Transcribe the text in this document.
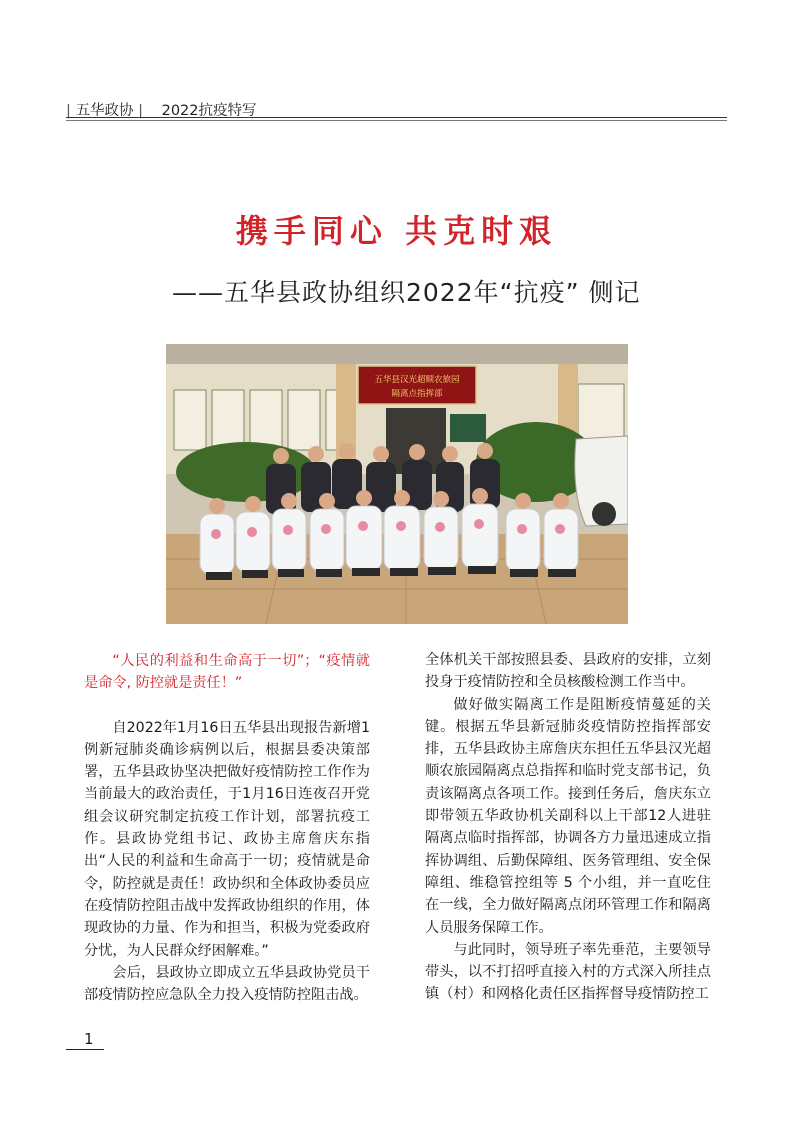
| 五华政协 | 2022抗疫特写
携手同心 共克时艰
——五华县政协组织2022年“抗疫” 侧记
五华县汉光超顺农旅园
隔离点指挥部

“人民的利益和生命高于一切”；“疫情就是命令, 防控就是责任！”

自2022年1月16日五华县出现报告新增1例新冠肺炎确诊病例以后，根据县委决策部署，五华县政协坚决把做好疫情防控工作作为当前最大的政治责任，于1月16日连夜召开党组会议研究制定抗疫工作计划，部署抗疫工作。县政协党组书记、政协主席詹庆东指出“人民的利益和生命高于一切；疫情就是命令，防控就是责任！政协织和全体政协委员应在疫情防控阻击战中发挥政协组织的作用，体现政协的力量、作为和担当，积极为党委政府分忧，为人民群众纾困解难。”

会后，县政协立即成立五华县政协党员干部疫情防控应急队全力投入疫情防控阻击战。

全体机关干部按照县委、县政府的安排，立刻投身于疫情防控和全员核酸检测工作当中。

做好做实隔离工作是阻断疫情蔓延的关键。根据五华县新冠肺炎疫情防控指挥部安排，五华县政协主席詹庆东担任五华县汉光超顺农旅园隔离点总指挥和临时党支部书记，负责该隔离点各项工作。接到任务后，詹庆东立即带领五华政协机关副科以上干部12人进驻隔离点临时指挥部，协调各方力量迅速成立指挥协调组、后勤保障组、医务管理组、安全保障组、维稳管控组等 5 个小组，并一直吃住在一线，全力做好隔离点闭环管理工作和隔离人员服务保障工作。

与此同时，领导班子率先垂范，主要领导带头，以不打招呼直接入村的方式深入所挂点镇（村）和网格化责任区指挥督导疫情防控工

1
